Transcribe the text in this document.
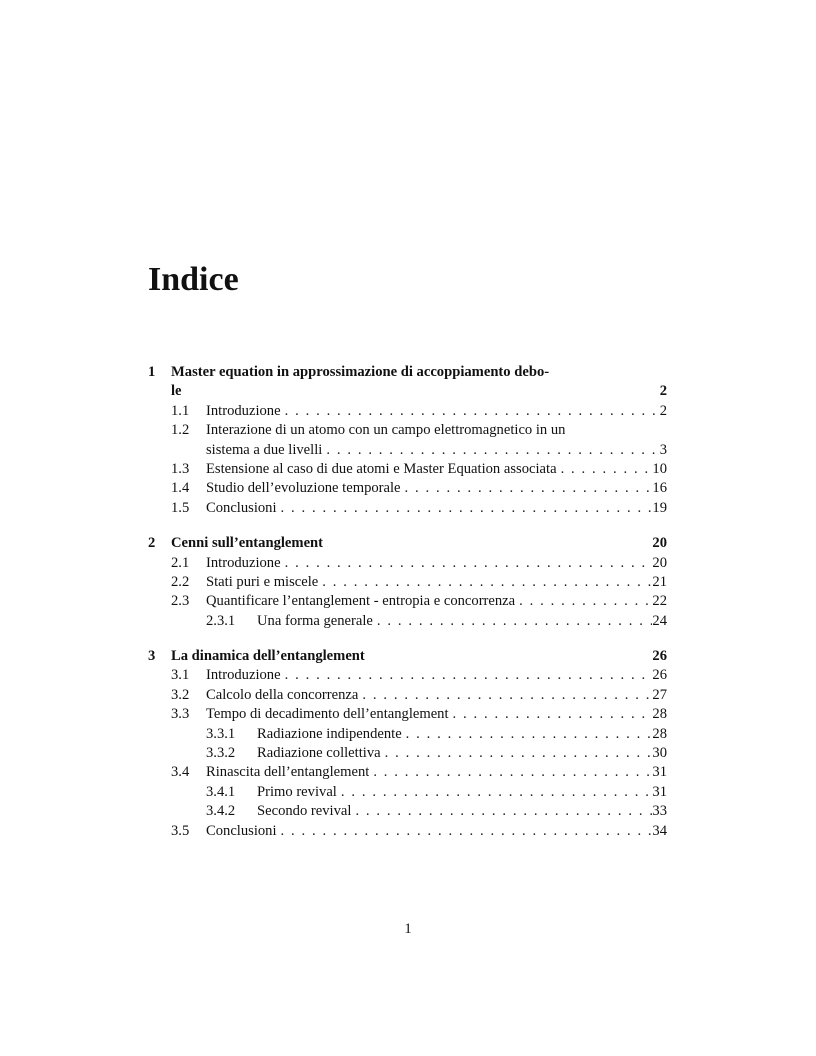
Indice
1 Master equation in approssimazione di accoppiamento debo-
le	2
1.1 Introduzione . . .	2
1.2 Interazione di un atomo con un campo elettromagnetico in un
sistema a due livelli . . .	3
1.3 Estensione al caso di due atomi e Master Equation associata . . .	10
1.4 Studio dell’evoluzione temporale . . .	16
1.5 Conclusioni . . .	19
2 Cenni sull’entanglement	20
2.1 Introduzione . . .	20
2.2 Stati puri e miscele . . .	21
2.3 Quantificare l’entanglement - entropia e concorrenza . . .	22
2.3.1 Una forma generale . . .	24
3 La dinamica dell’entanglement	26
3.1 Introduzione . . .	26
3.2 Calcolo della concorrenza . . .	27
3.3 Tempo di decadimento dell’entanglement . . .	28
3.3.1 Radiazione indipendente . . .	28
3.3.2 Radiazione collettiva . . .	30
3.4 Rinascita dell’entanglement . . .	31
3.4.1 Primo revival . . .	31
3.4.2 Secondo revival . . .	33
3.5 Conclusioni . . .	34
1
